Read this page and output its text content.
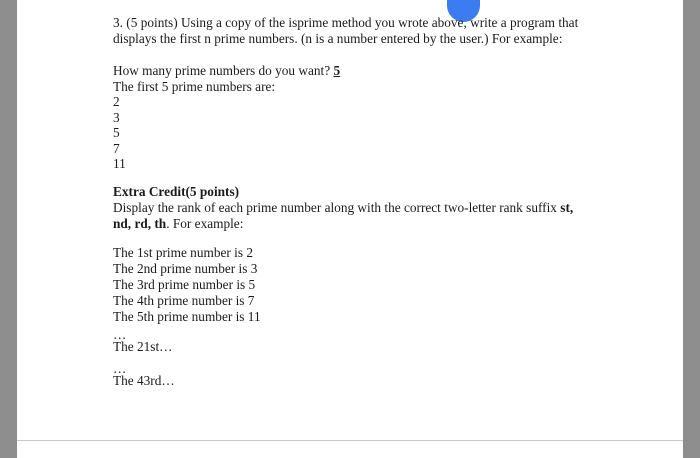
3. (5 points) Using a copy of the isprime method you wrote above, write a program that
displays the first n prime numbers. (n is a number entered by the user.) For example:
How many prime numbers do you want? 5
The first 5 prime numbers are:
2
3
5
7
11
Extra Credit(5 points)
Display the rank of each prime number along with the correct two-letter rank suffix st,
nd, rd, th. For example:
The 1st prime number is 2
The 2nd prime number is 3
The 3rd prime number is 5
The 4th prime number is 7
The 5th prime number is 11
…
The 21st…
…
The 43rd…
